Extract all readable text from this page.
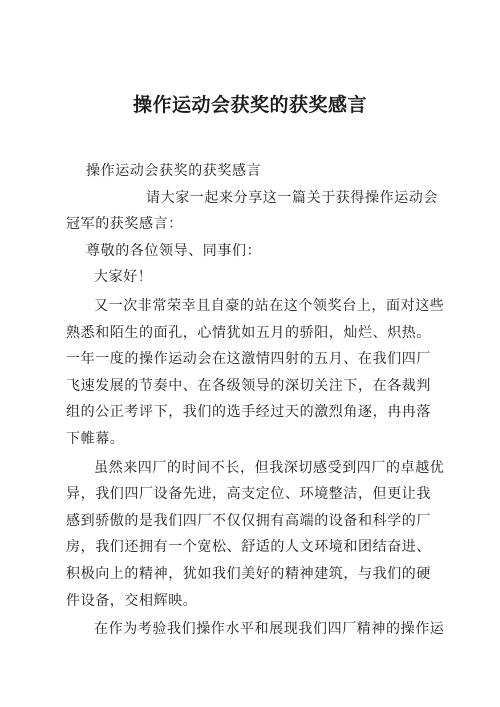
操作运动会获奖的获奖感言
操作运动会获奖的获奖感言
请大家一起来分享这一篇关于获得操作运动会
冠军的获奖感言：
尊敬的各位领导、同事们：
大家好！
又一次非常荣幸且自豪的站在这个领奖台上，面对这些
熟悉和陌生的面孔，心情犹如五月的骄阳，灿烂、炽热。
一年一度的操作运动会在这激情四射的五月、在我们四厂
飞速发展的节奏中、在各级领导的深切关注下，在各裁判
组的公正考评下，我们的选手经过天的激烈角逐，冉冉落
下帷幕。
虽然来四厂的时间不长，但我深切感受到四厂的卓越优
异，我们四厂设备先进，高支定位、环境整洁，但更让我
感到骄傲的是我们四厂不仅仅拥有高端的设备和科学的厂
房，我们还拥有一个宽松、舒适的人文环境和团结奋进、
积极向上的精神，犹如我们美好的精神建筑，与我们的硬
件设备，交相辉映。
在作为考验我们操作水平和展现我们四厂精神的操作运
